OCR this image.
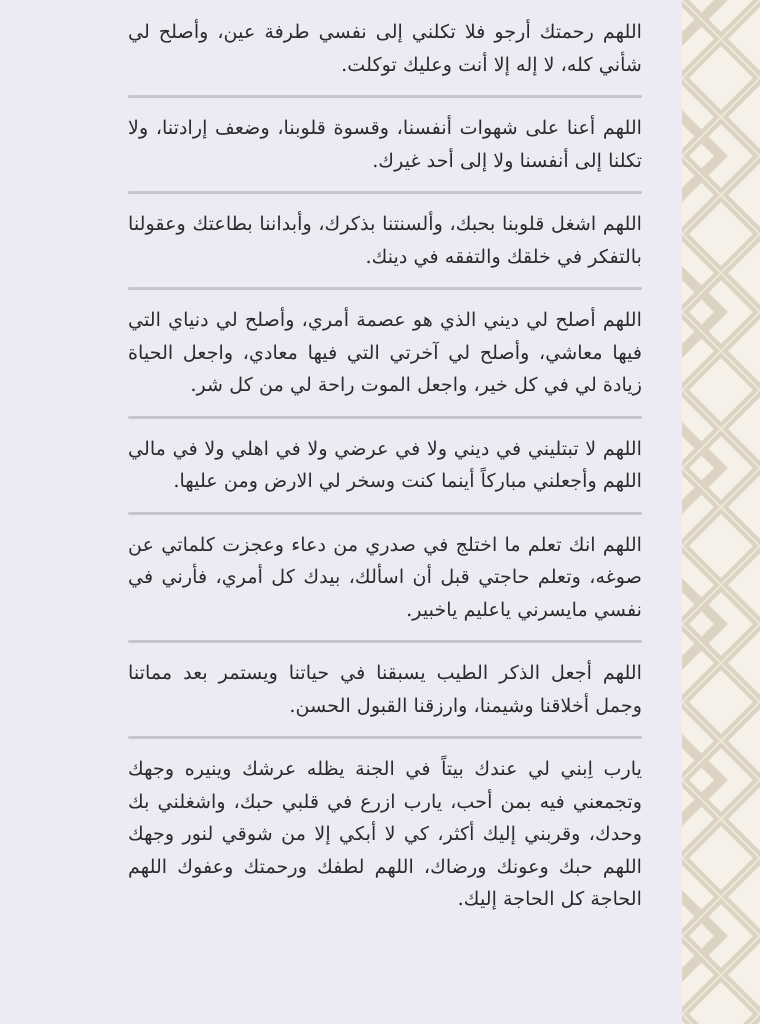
اللهم رحمتك أرجو فلا تكلني إلى نفسي طرفة عين، وأصلح لي شأني كله، لا إله إلا أنت وعليك توكلت.

اللهم أعنا على شهوات أنفسنا، وقسوة قلوبنا، وضعف إرادتنا، ولا تكلنا إلى أنفسنا ولا إلى أحد غيرك.

اللهم اشغل قلوبنا بحبك، وألسنتنا بذكرك، وأبداننا بطاعتك وعقولنا بالتفكر في خلقك والتفقه في دينك.

اللهم أصلح لي ديني الذي هو عصمة أمري، وأصلح لي دنياي التي فيها معاشي، وأصلح لي آخرتي التي فيها معادي، واجعل الحياة زيادة لي في كل خير، واجعل الموت راحة لي من كل شر.

اللهم لا تبتليني في ديني ولا في عرضي ولا في اهلي ولا في مالي اللهم وأجعلني مباركاً أينما كنت وسخر لي الارض ومن عليها.

اللهم انك تعلم ما اختلج في صدري من دعاء وعجزت كلماتي عن صوغه، وتعلم حاجتي قبل أن اسألك، بيدك كل أمري، فأرني في نفسي مايسرني ياعليم ياخبير.

اللهم أجعل الذكر الطيب يسبقنا في حياتنا ويستمر بعد مماتنا وجمل أخلاقنا وشيمنا، وارزقنا القبول الحسن.

يارب اِبني لي عندك بيتاً في الجنة يظله عرشك وينيره وجهك وتجمعني فيه بمن أحب، يارب ازرع في قلبي حبك، واشغلني بك وحدك، وقربني إليك أكثر، كي لا أبكي إلا من شوقي لنور وجهك اللهم حبك وعونك ورضاك، اللهم لطفك ورحمتك وعفوك اللهم الحاجة كل الحاجة إليك.
